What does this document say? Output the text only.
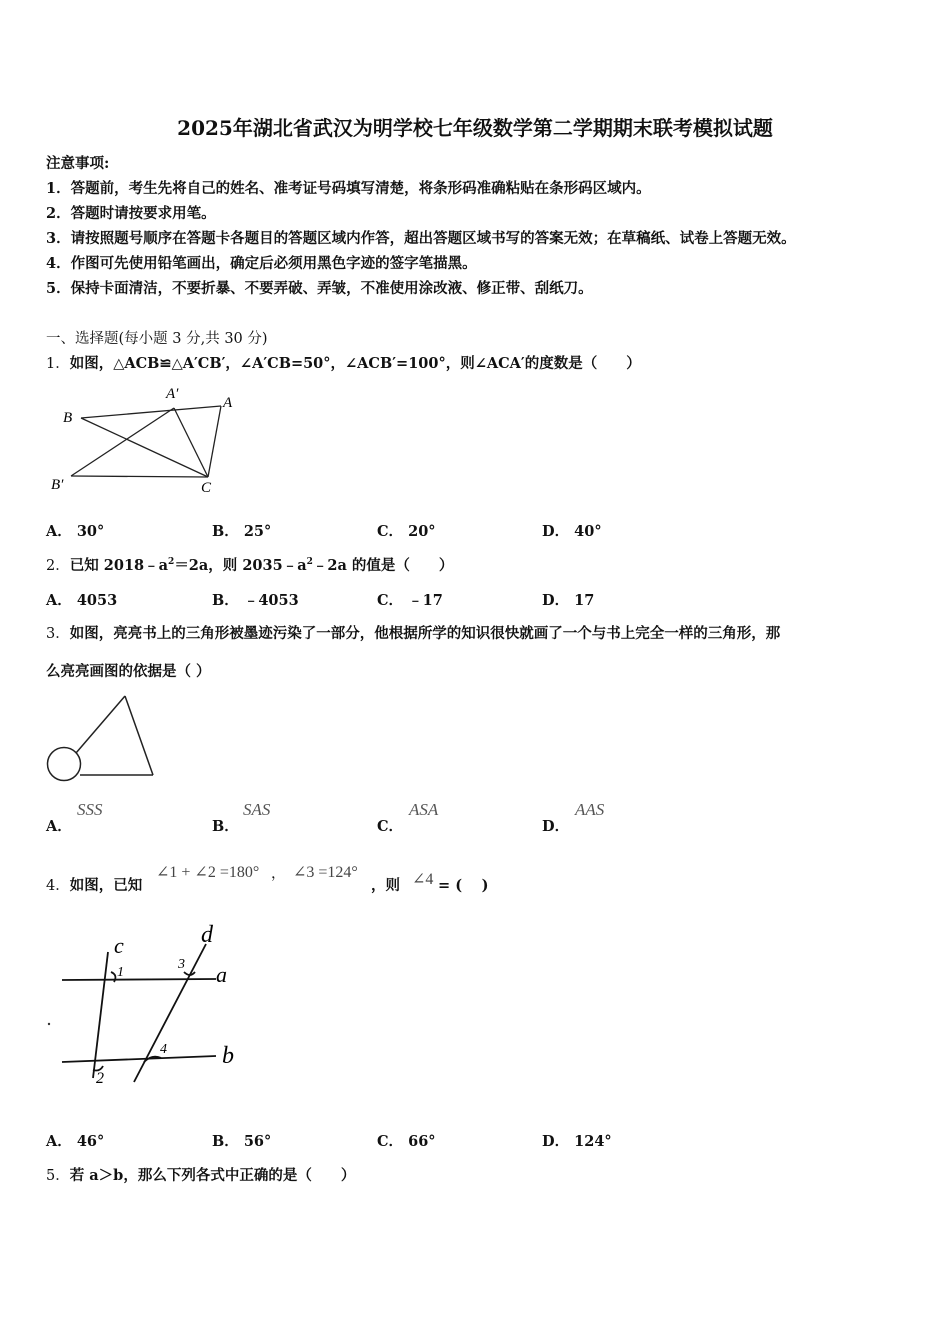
2025年湖北省武汉为明学校七年级数学第二学期期末联考模拟试题
注意事项:
1．答题前，考生先将自己的姓名、准考证号码填写清楚，将条形码准确粘贴在条形码区域内。
2．答题时请按要求用笔。
3．请按照题号顺序在答题卡各题目的答题区域内作答，超出答题区域书写的答案无效；在草稿纸、试卷上答题无效。
4．作图可先使用铅笔画出，确定后必须用黑色字迹的签字笔描黑。
5．保持卡面清洁，不要折暴、不要弄破、弄皱，不准使用涂改液、修正带、刮纸刀。
一、选择题(每小题 3 分,共 30 分)
1．如图，△ACB≌△A′CB′，∠A′CB=50°，∠ACB′=100°，则∠ACA′的度数是（　　）
B
A′
A
B′	C
A． 30°	B． 25°	C． 20°	D． 40°
2．已知 $2018﹣a^2=2a$，则 $2035﹣a^2﹣2a$ 的值是（　　）
A． 4053	B． ﹣4053	C． ﹣17	D． 17
3．如图，亮亮书上的三角形被墨迹污染了一部分，他根据所学的知识很快就画了一个与书上完全一样的三角形，那
么亮亮画图的依据是（ ）
A．
SSS
B．
SAS
C．
ASA
D．
AAS
4．如图，已知
∠1 + ∠2 =180° ， ∠3 =124°
，则 ∠4 = (　 )
c	d
a
b
1
3
4
2
A． 46°	B． 56°	C． 66°	D． 124°
5．若 a＞b，那么下列各式中正确的是（　　）
